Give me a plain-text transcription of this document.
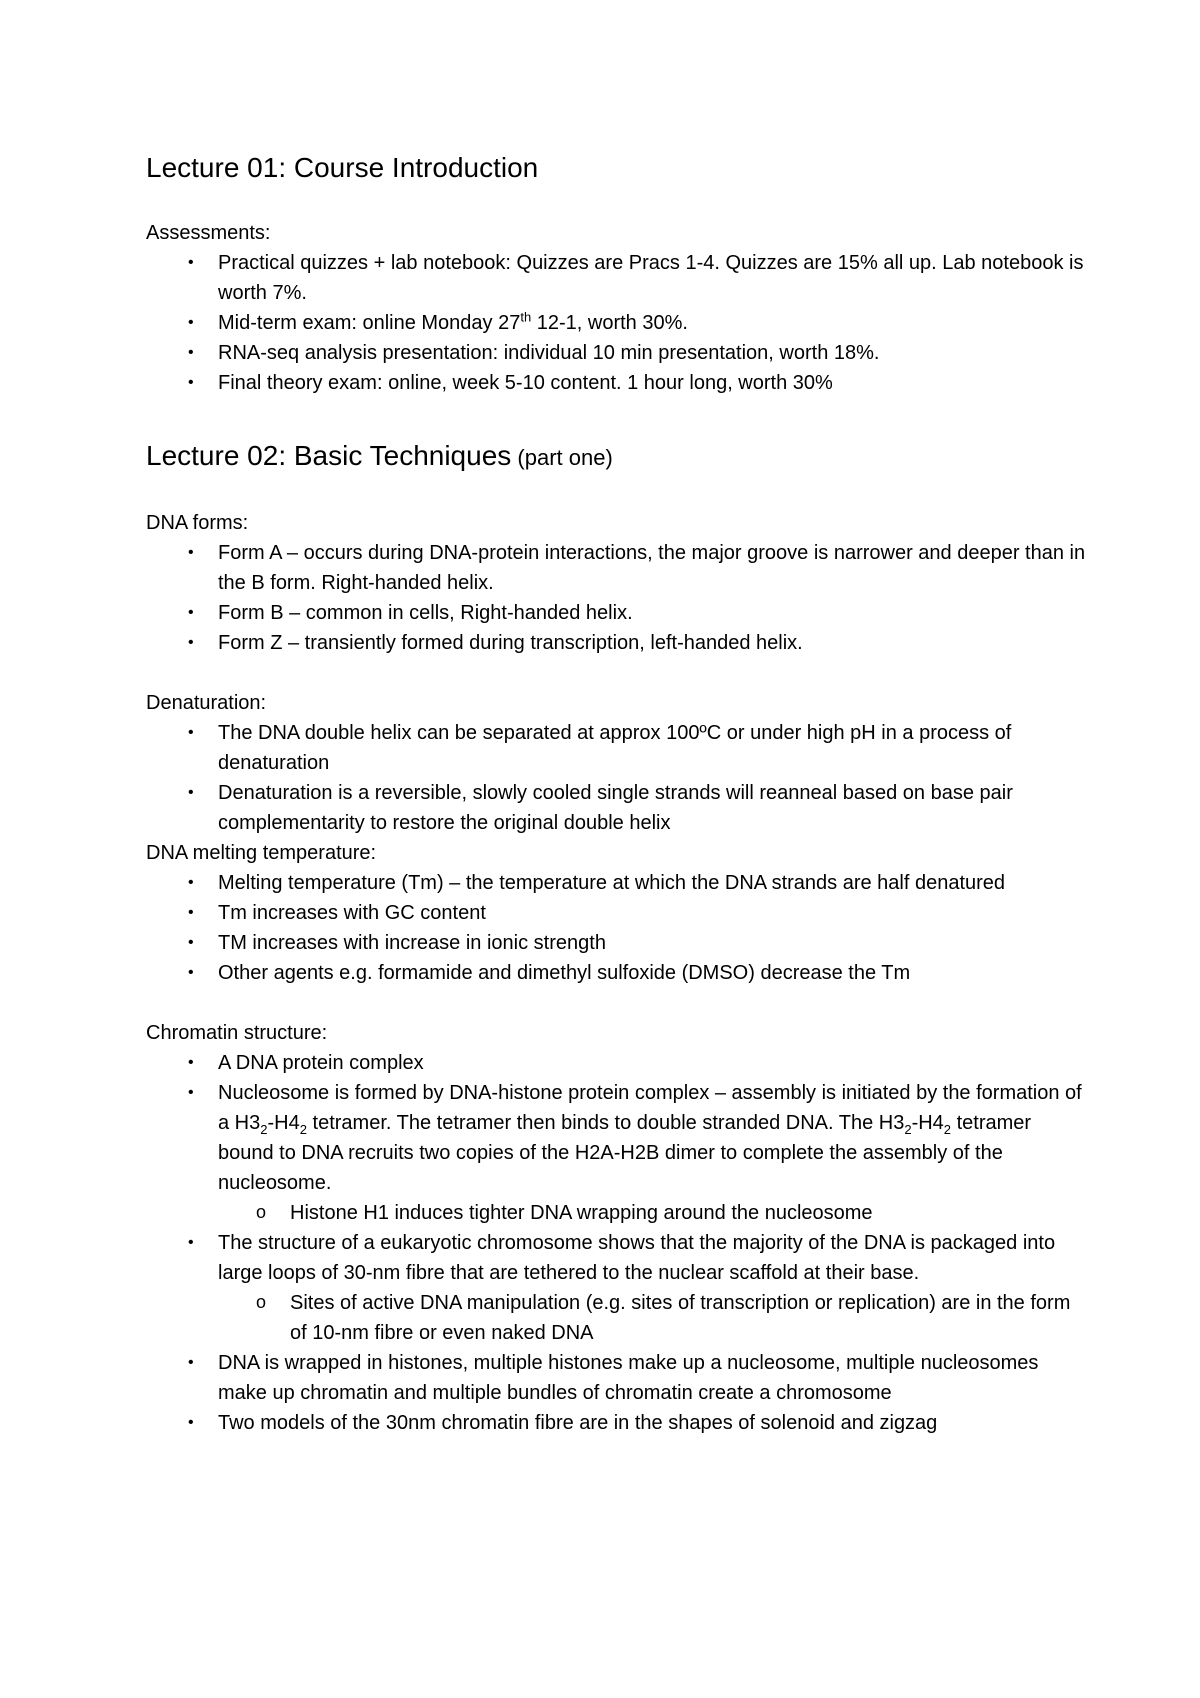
Lecture 01: Course Introduction

Assessments:

• Practical quizzes + lab notebook: Quizzes are Pracs 1-4. Quizzes are 15% all up. Lab notebook is worth 7%.
• Mid-term exam: online Monday 27th 12-1, worth 30%.
• RNA-seq analysis presentation: individual 10 min presentation, worth 18%.
• Final theory exam: online, week 5-10 content. 1 hour long, worth 30%
Lecture 02: Basic Techniques (part one)

DNA forms:

• Form A – occurs during DNA-protein interactions, the major groove is narrower and deeper than in the B form. Right-handed helix.
• Form B – common in cells, Right-handed helix.
• Form Z – transiently formed during transcription, left-handed helix.

Denaturation:

• The DNA double helix can be separated at approx 100ºC or under high pH in a process of denaturation
• Denaturation is a reversible, slowly cooled single strands will reanneal based on base pair complementarity to restore the original double helix

DNA melting temperature:

• Melting temperature (Tm) – the temperature at which the DNA strands are half denatured
• Tm increases with GC content
• TM increases with increase in ionic strength
• Other agents e.g. formamide and dimethyl sulfoxide (DMSO) decrease the Tm

Chromatin structure:

• A DNA protein complex
• Nucleosome is formed by DNA-histone protein complex – assembly is initiated by the formation of a $H3_2-H4_2$ tetramer. The tetramer then binds to double stranded DNA. The $H3_2-H4_2$ tetramer bound to DNA recruits two copies of the H2A-H2B dimer to complete the assembly of the nucleosome.
o Histone H1 induces tighter DNA wrapping around the nucleosome
• The structure of a eukaryotic chromosome shows that the majority of the DNA is packaged into large loops of 30-nm fibre that are tethered to the nuclear scaffold at their base.
o Sites of active DNA manipulation (e.g. sites of transcription or replication) are in the form of 10-nm fibre or even naked DNA
• DNA is wrapped in histones, multiple histones make up a nucleosome, multiple nucleosomes make up chromatin and multiple bundles of chromatin create a chromosome
• Two models of the 30nm chromatin fibre are in the shapes of solenoid and zigzag
